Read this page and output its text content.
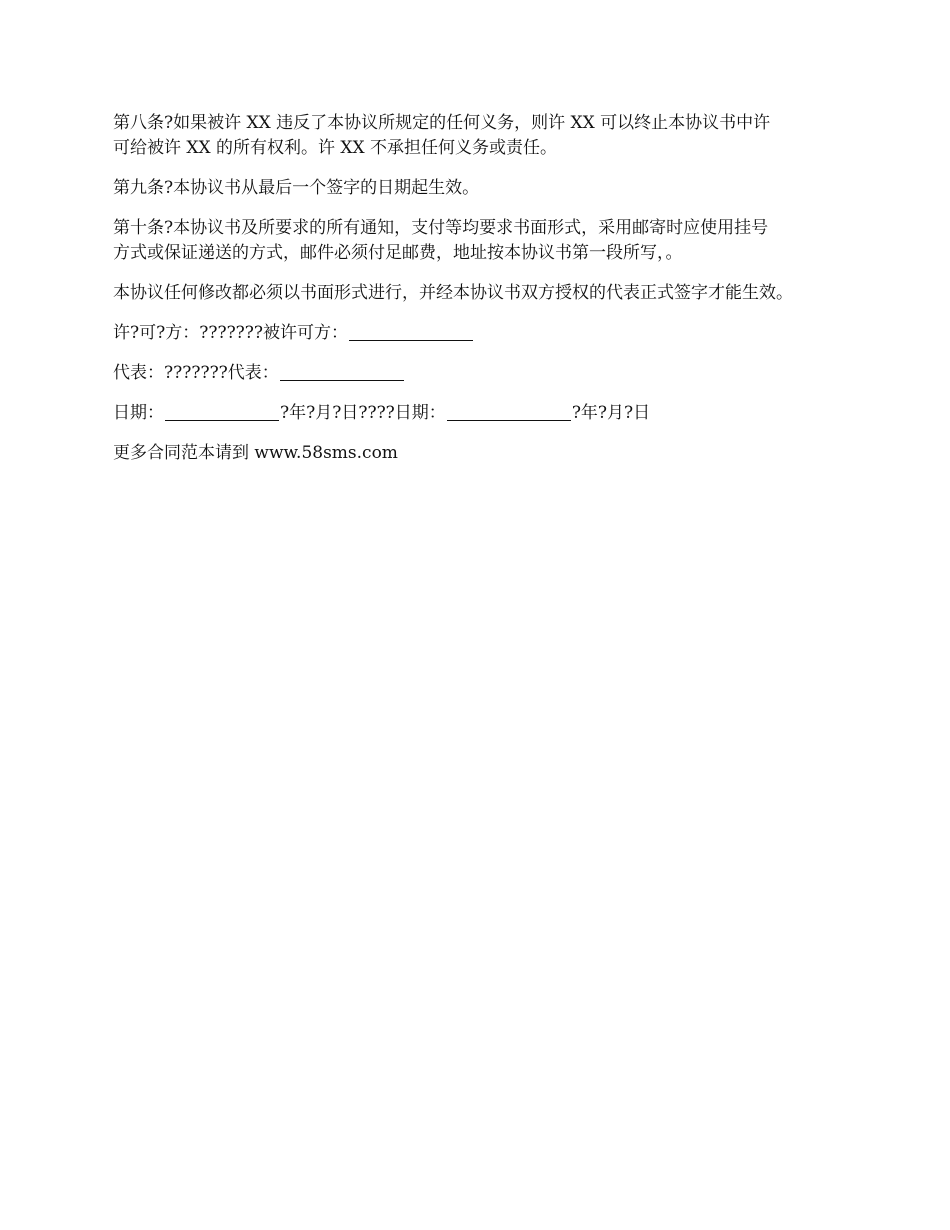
第八条?如果被许 XX 违反了本协议所规定的任何义务，则许 XX 可以终止本协议书中许
可给被许 XX 的所有权利。许 XX 不承担任何义务或责任。

第九条?本协议书从最后一个签字的日期起生效。

第十条?本协议书及所要求的所有通知，支付等均要求书面形式，采用邮寄时应使用挂号
方式或保证递送的方式，邮件必须付足邮费，地址按本协议书第一段所写，。

本协议任何修改都必须以书面形式进行，并经本协议书双方授权的代表正式签字才能生效。

许?可?方：???????被许可方：

代表：???????代表：

日期：	?年?月?日????日期：	?年?月?日

更多合同范本请到 www.58sms.com
